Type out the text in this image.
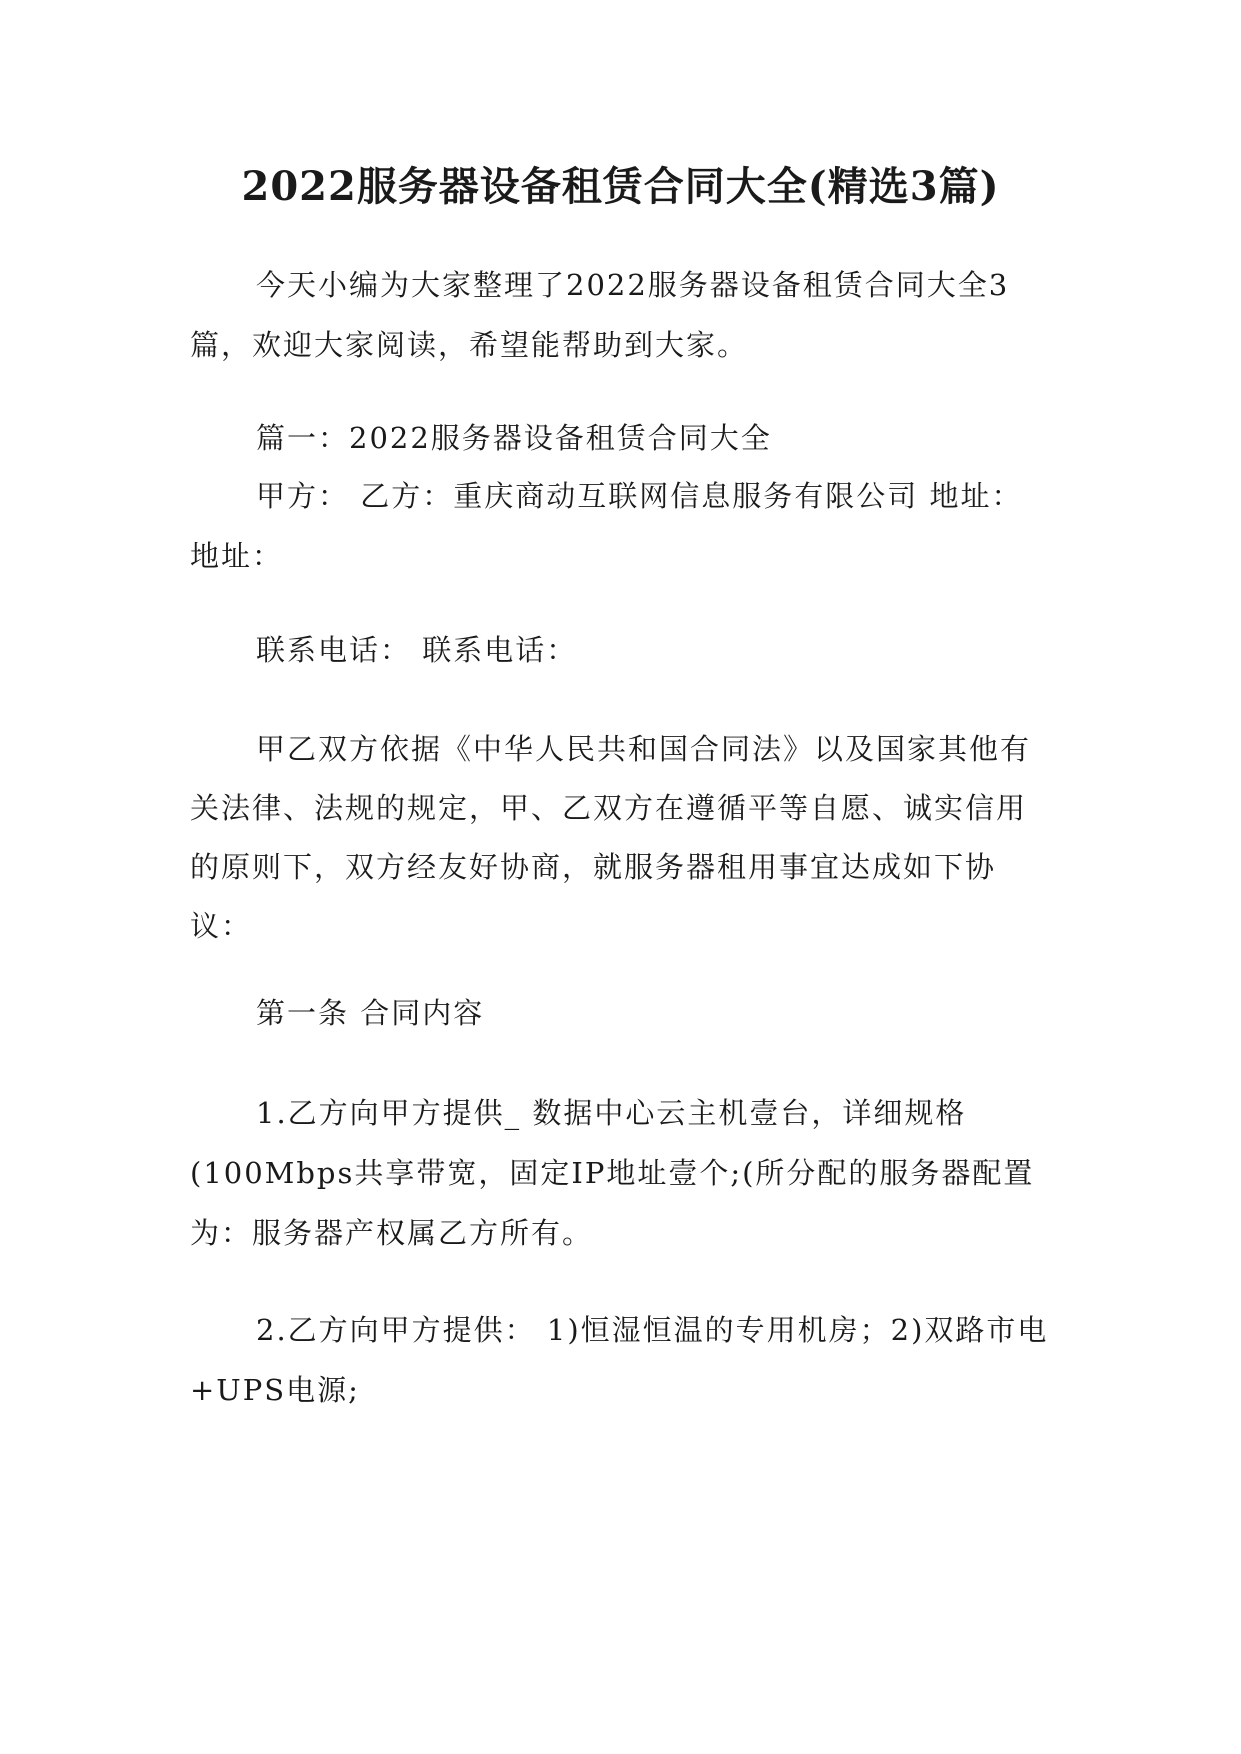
2022服务器设备租赁合同大全(精选3篇)

今天小编为大家整理了2022服务器设备租赁合同大全3篇，欢迎大家阅读，希望能帮助到大家。

篇一：2022服务器设备租赁合同大全

甲方： 乙方：重庆商动互联网信息服务有限公司 地址：地址：

联系电话： 联系电话：

甲乙双方依据《中华人民共和国合同法》以及国家其他有关法律、法规的规定，甲、乙双方在遵循平等自愿、诚实信用的原则下，双方经友好协商，就服务器租用事宜达成如下协议：

第一条 合同内容

1.乙方向甲方提供_ 数据中心云主机壹台，详细规格(100Mbps共享带宽，固定IP地址壹个;(所分配的服务器配置为：服务器产权属乙方所有。

2.乙方向甲方提供： 1)恒湿恒温的专用机房；2)双路市电+UPS电源;
